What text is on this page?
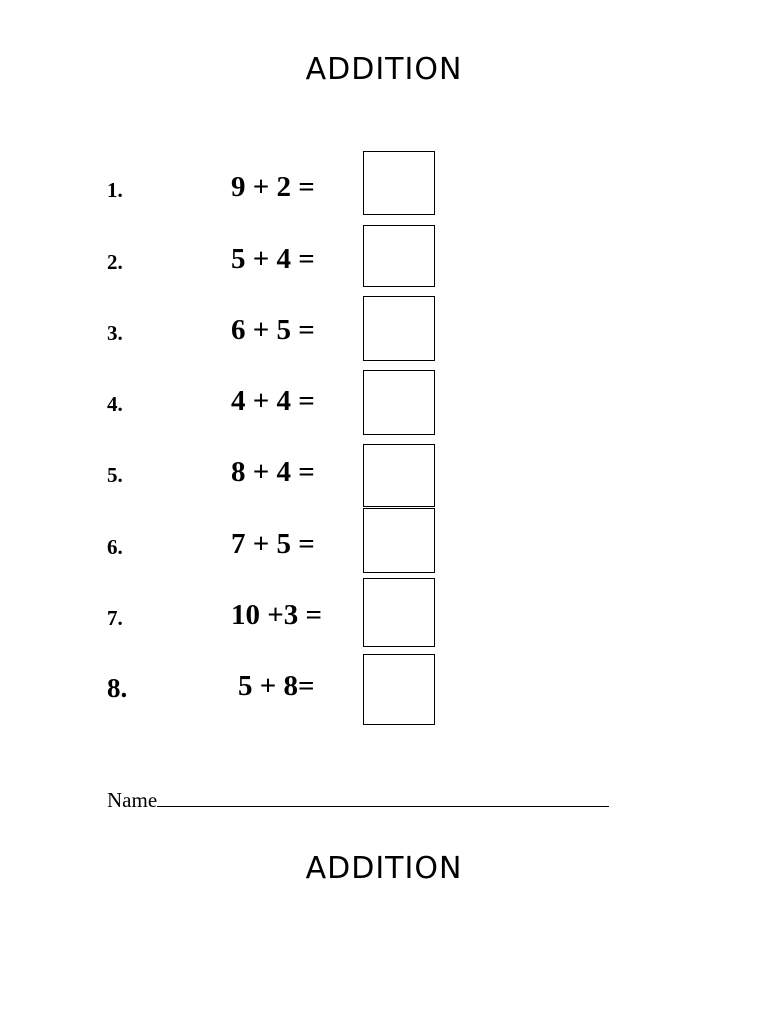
ADDITION
1.	9 + 2 =
2.	5 + 4 =
3.	6 + 5 =
4.	4 + 4 =
5.	8 + 4 =
6.	7 + 5 =
7.	10 +3 =
8.	5 + 8=
Name
ADDITION
